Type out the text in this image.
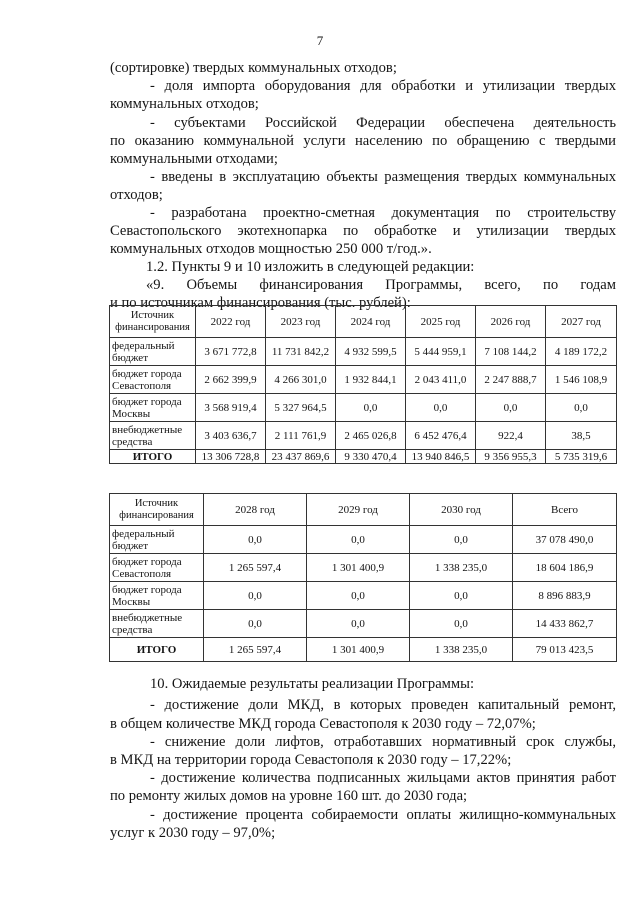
7
(сортировке) твердых коммунальных отходов;
- доля импорта оборудования для обработки и утилизации твердых
коммунальных отходов;
- субъектами Российской Федерации обеспечена деятельность
по оказанию коммунальной услуги населению по обращению с твердыми
коммунальными отходами;
- введены в эксплуатацию объекты размещения твердых коммунальных
отходов;
- разработана проектно-сметная документация по строительству
Севастопольского экотехнопарка по обработке и утилизации твердых
коммунальных отходов мощностью 250 000 т/год.».
1.2. Пункты 9 и 10 изложить в следующей редакции:
«9. Объемы финансирования Программы, всего, по годам
и по источникам финансирования (тыс. рублей):
Источник финансирования	2022 год	2023 год	2024 год	2025 год	2026 год	2027 год
федеральный бюджет	3 671 772,8	11 731 842,2	4 932 599,5	5 444 959,1	7 108 144,2	4 189 172,2
бюджет города Севастополя	2 662 399,9	4 266 301,0	1 932 844,1	2 043 411,0	2 247 888,7	1 546 108,9
бюджет города Москвы	3 568 919,4	5 327 964,5	0,0	0,0	0,0	0,0
внебюджетные средства	3 403 636,7	2 111 761,9	2 465 026,8	6 452 476,4	922,4	38,5
ИТОГО	13 306 728,8	23 437 869,6	9 330 470,4	13 940 846,5	9 356 955,3	5 735 319,6
Источник финансирования	2028 год	2029 год	2030 год	Всего
федеральный бюджет	0,0	0,0	0,0	37 078 490,0
бюджет города Севастополя	1 265 597,4	1 301 400,9	1 338 235,0	18 604 186,9
бюджет города Москвы	0,0	0,0	0,0	8 896 883,9
внебюджетные средства	0,0	0,0	0,0	14 433 862,7
ИТОГО	1 265 597,4	1 301 400,9	1 338 235,0	79 013 423,5
10. Ожидаемые результаты реализации Программы:
- достижение доли МКД, в которых проведен капитальный ремонт,
в общем количестве МКД города Севастополя к 2030 году – 72,07%;
- снижение доли лифтов, отработавших нормативный срок службы,
в МКД на территории города Севастополя к 2030 году – 17,22%;
- достижение количества подписанных жильцами актов принятия работ
по ремонту жилых домов на уровне 160 шт. до 2030 года;
- достижение процента собираемости оплаты жилищно-коммунальных
услуг к 2030 году – 97,0%;
